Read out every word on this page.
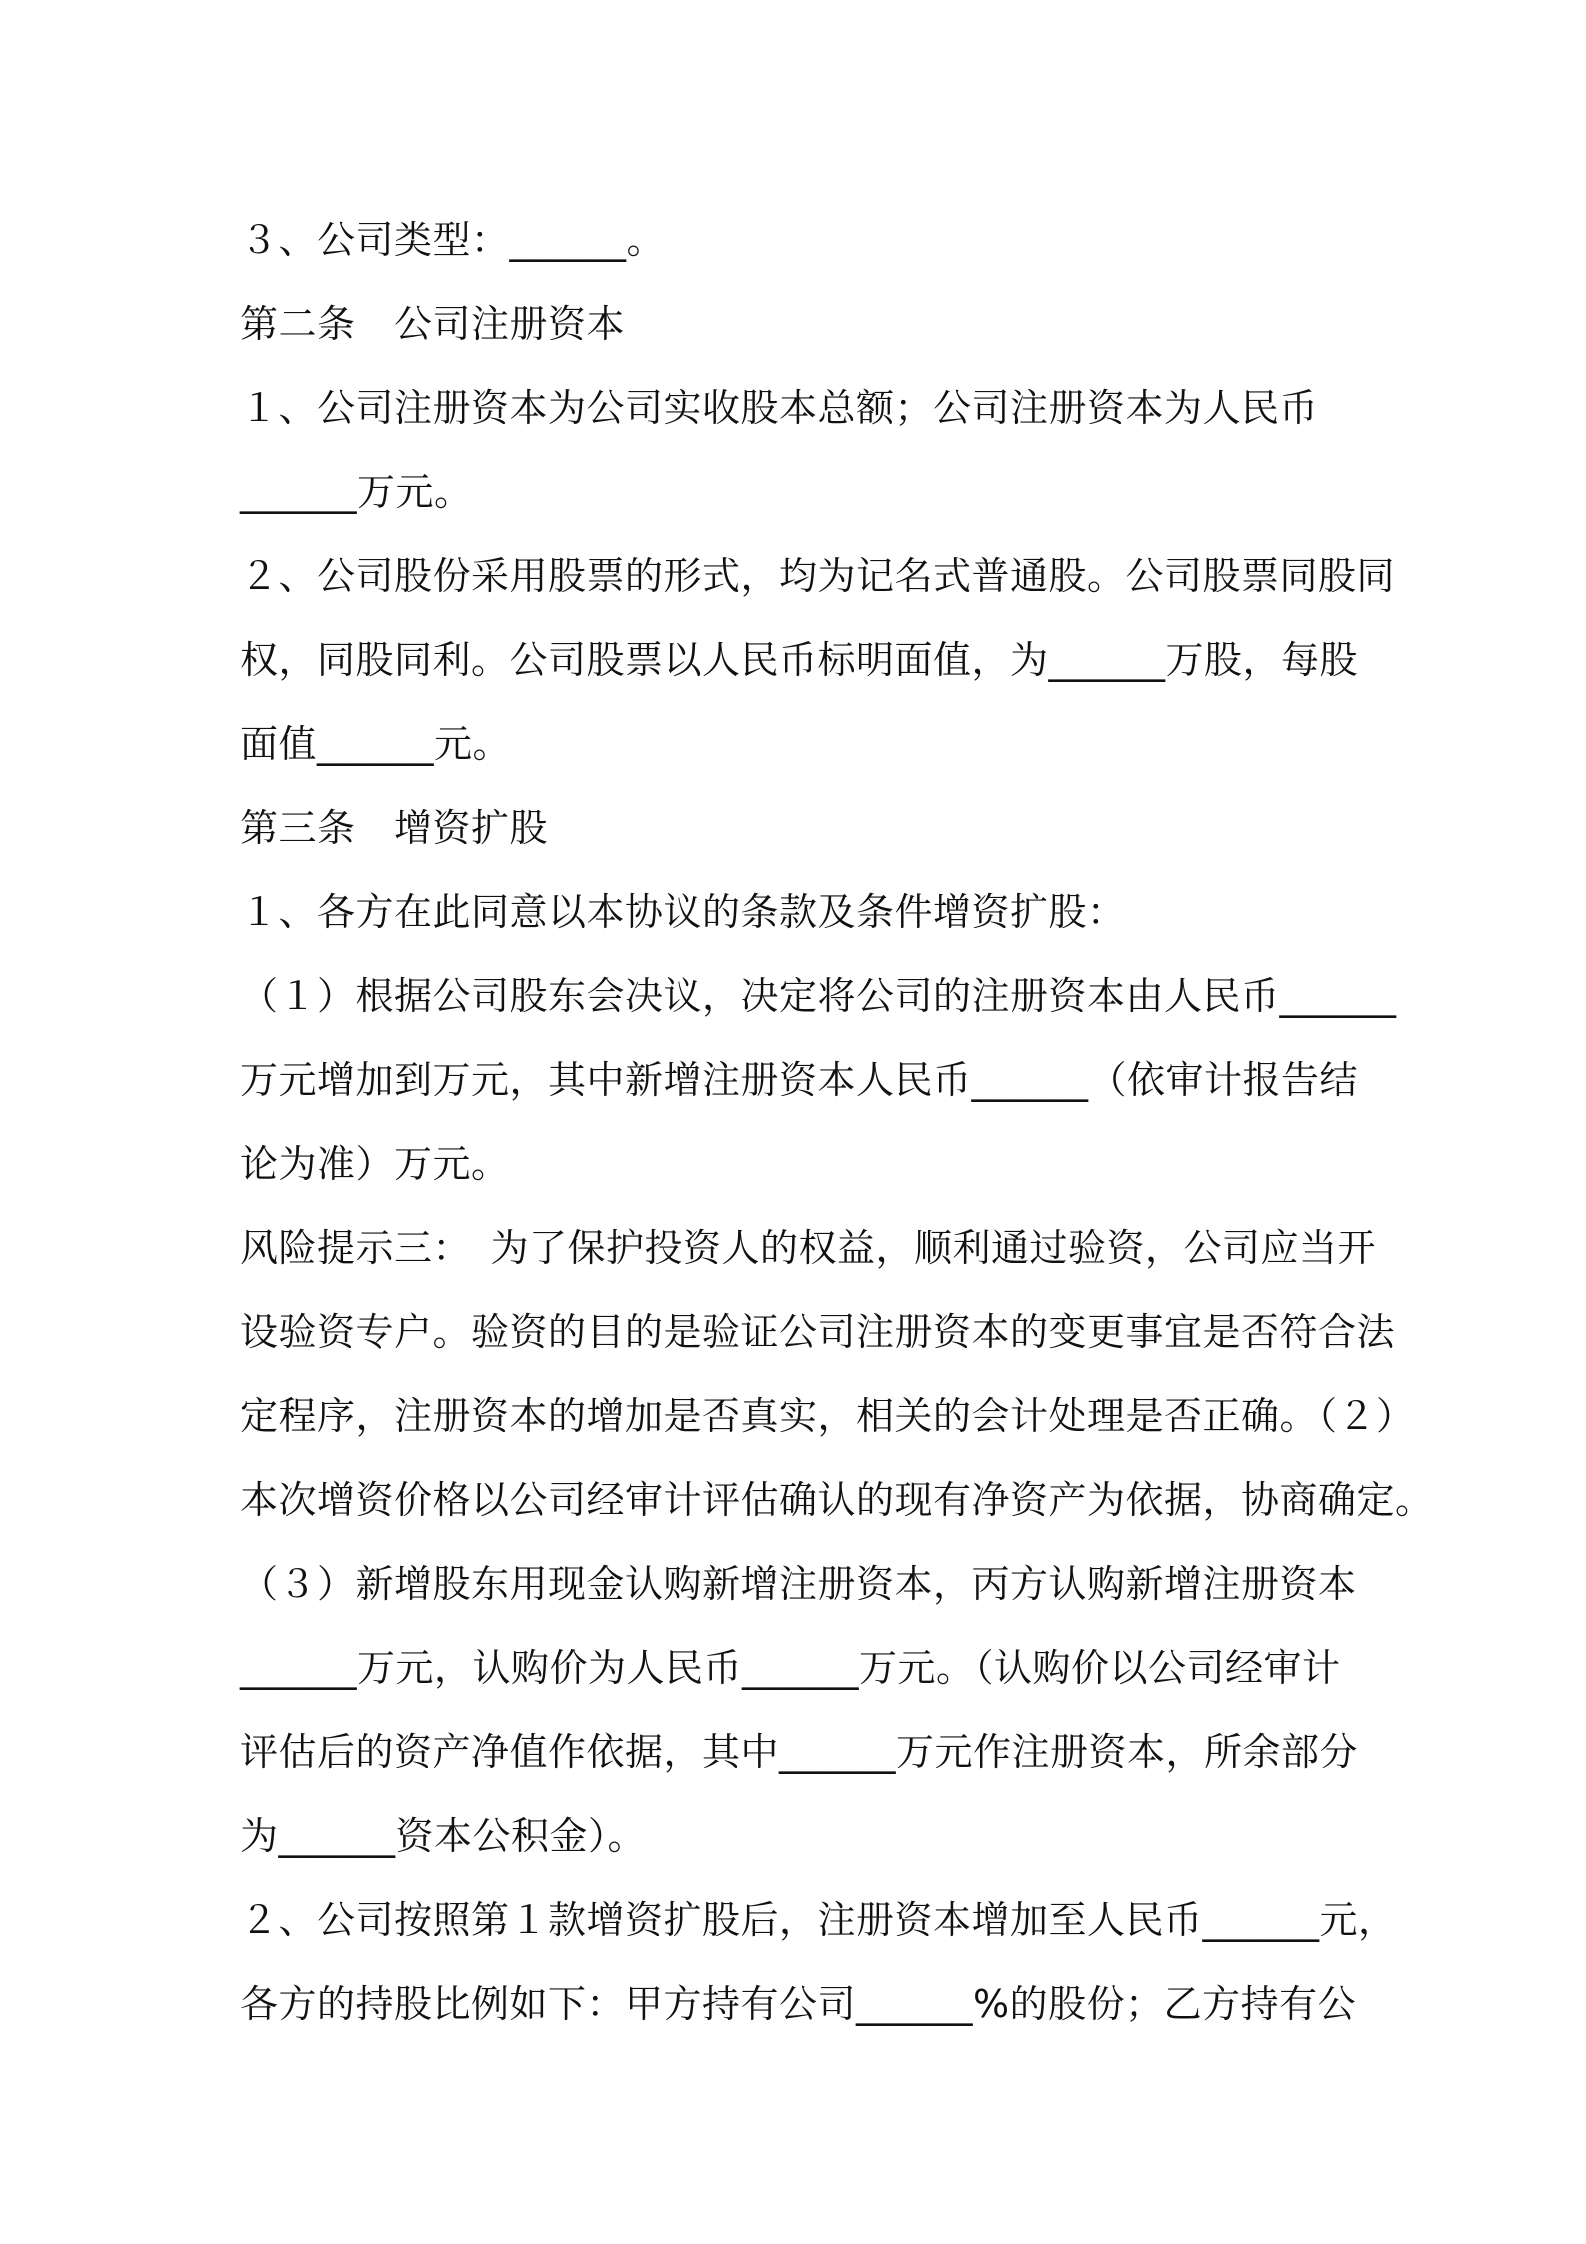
３、公司类型：______。
第二条　公司注册资本
１、公司注册资本为公司实收股本总额；公司注册资本为人民币
______万元。
２、公司股份采用股票的形式，均为记名式普通股。公司股票同股同
权，同股同利。公司股票以人民币标明面值，为______万股，每股
面值______元。
第三条　增资扩股
１、各方在此同意以本协议的条款及条件增资扩股：
（１）根据公司股东会决议，决定将公司的注册资本由人民币______
万元增加到万元，其中新增注册资本人民币______（依审计报告结
论为准）万元。
风险提示三：　为了保护投资人的权益，顺利通过验资，公司应当开
设验资专户。验资的目的是验证公司注册资本的变更事宜是否符合法
定程序，注册资本的增加是否真实，相关的会计处理是否正确。（２）
本次增资价格以公司经审计评估确认的现有净资产为依据，协商确定。
（３）新增股东用现金认购新增注册资本，丙方认购新增注册资本
______万元，认购价为人民币______万元。（认购价以公司经审计
评估后的资产净值作依据，其中______万元作注册资本，所余部分
为______资本公积金）。
２、公司按照第１款增资扩股后，注册资本增加至人民币______元，
各方的持股比例如下：甲方持有公司______%的股份；乙方持有公
